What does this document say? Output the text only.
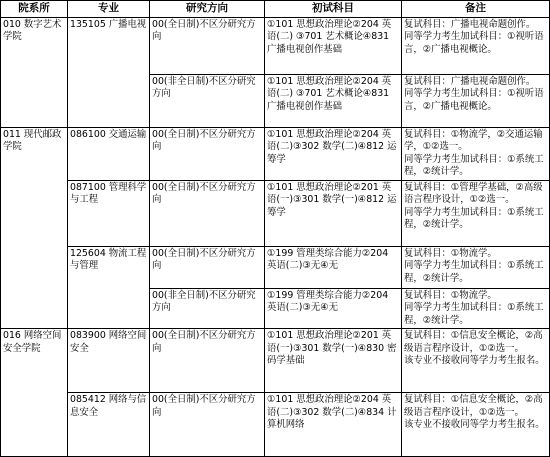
院系所	专业	研究方向	初试科目	备注

010 数字艺术学院	135105 广播电视	00(全日制)不区分研究方向	①101 思想政治理论②204 英语(二) ③701 艺术概论④831 广播电视创作基础	复试科目：广播电视命题创作。
同等学力考生加试科目：①视听语言，②广播电视概论。

		00(非全日制)不区分研究方向	①101 思想政治理论②204 英语(二) ③701 艺术概论④831 广播电视创作基础	复试科目：广播电视命题创作。
同等学力考生加试科目：①视听语言，②广播电视概论。

011 现代邮政学院	086100 交通运输	00(全日制)不区分研究方向	①101 思想政治理论②204 英语(二)③302 数学(二)④812 运筹学	复试科目：①物流学，②交通运输学，①②选一。
同等学力考生加试科目：①系统工程，②统计学。

	087100 管理科学与工程	00(全日制)不区分研究方向	①101 思想政治理论②201 英语(一)③301 数学(一)④812 运筹学	复试科目：①管理学基础，②高级语言程序设计，①②选一。
同等学力考生加试科目：①系统工程，②统计学。

	125604 物流工程与管理	00(全日制)不区分研究方向	①199 管理类综合能力②204 英语(二)③无④无	复试科目：①物流学。
同等学力考生加试科目：①系统工程，②统计学。

		00(非全日制)不区分研究方向	①199 管理类综合能力②204 英语(二)③无④无	复试科目：①物流学。
同等学力考生加试科目：①系统工程，②统计学。

016 网络空间安全学院	083900 网络空间安全	00(全日制)不区分研究方向	①101 思想政治理论②201 英语(一)③301 数学(一)④830 密码学基础	复试科目：①信息安全概论，②高级语言程序设计，①②选一。
该专业不接收同等学力考生报名。

	085412 网络与信息安全	00(全日制)不区分研究方向	①101 思想政治理论②204 英语(二)③302 数学(二)④834 计算机网络	复试科目：①信息安全概论，②高级语言程序设计，①②选一。
该专业不接收同等学力考生报名。
